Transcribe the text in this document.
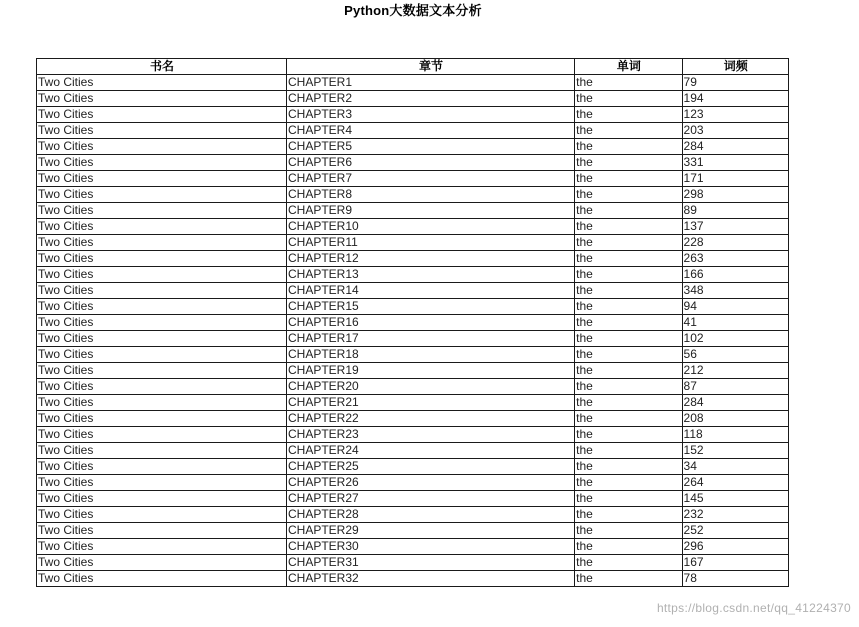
Python大数据文本分析
书名	章节	单词	词频
Two Cities	CHAPTER1	the	79
Two Cities	CHAPTER2	the	194
Two Cities	CHAPTER3	the	123
Two Cities	CHAPTER4	the	203
Two Cities	CHAPTER5	the	284
Two Cities	CHAPTER6	the	331
Two Cities	CHAPTER7	the	171
Two Cities	CHAPTER8	the	298
Two Cities	CHAPTER9	the	89
Two Cities	CHAPTER10	the	137
Two Cities	CHAPTER11	the	228
Two Cities	CHAPTER12	the	263
Two Cities	CHAPTER13	the	166
Two Cities	CHAPTER14	the	348
Two Cities	CHAPTER15	the	94
Two Cities	CHAPTER16	the	41
Two Cities	CHAPTER17	the	102
Two Cities	CHAPTER18	the	56
Two Cities	CHAPTER19	the	212
Two Cities	CHAPTER20	the	87
Two Cities	CHAPTER21	the	284
Two Cities	CHAPTER22	the	208
Two Cities	CHAPTER23	the	118
Two Cities	CHAPTER24	the	152
Two Cities	CHAPTER25	the	34
Two Cities	CHAPTER26	the	264
Two Cities	CHAPTER27	the	145
Two Cities	CHAPTER28	the	232
Two Cities	CHAPTER29	the	252
Two Cities	CHAPTER30	the	296
Two Cities	CHAPTER31	the	167
Two Cities	CHAPTER32	the	78
https://blog.csdn.net/qq_41224370
